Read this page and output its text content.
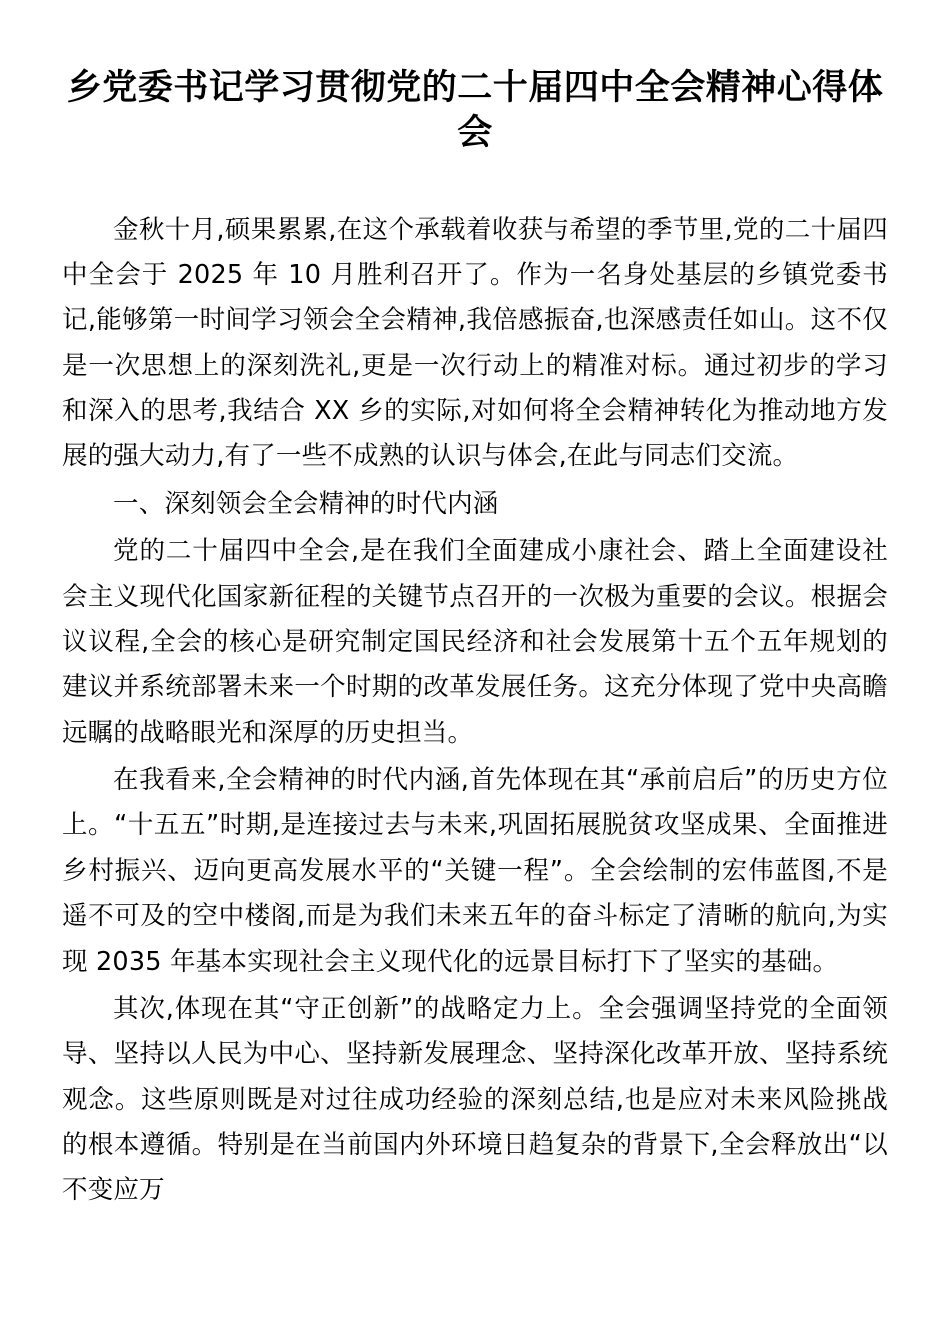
乡党委书记学习贯彻党的二十届四中全会精神心得体会

金秋十月,硕果累累,在这个承载着收获与希望的季节里,党的二十届四中全会于 2025 年 10 月胜利召开了。作为一名身处基层的乡镇党委书记,能够第一时间学习领会全会精神,我倍感振奋,也深感责任如山。这不仅是一次思想上的深刻洗礼,更是一次行动上的精准对标。通过初步的学习和深入的思考,我结合 XX 乡的实际,对如何将全会精神转化为推动地方发展的强大动力,有了一些不成熟的认识与体会,在此与同志们交流。

一、深刻领会全会精神的时代内涵

党的二十届四中全会,是在我们全面建成小康社会、踏上全面建设社会主义现代化国家新征程的关键节点召开的一次极为重要的会议。根据会议议程,全会的核心是研究制定国民经济和社会发展第十五个五年规划的建议并系统部署未来一个时期的改革发展任务。这充分体现了党中央高瞻远瞩的战略眼光和深厚的历史担当。

在我看来,全会精神的时代内涵,首先体现在其“承前启后”的历史方位上。“十五五”时期,是连接过去与未来,巩固拓展脱贫攻坚成果、全面推进乡村振兴、迈向更高发展水平的“关键一程”。全会绘制的宏伟蓝图,不是遥不可及的空中楼阁,而是为我们未来五年的奋斗标定了清晰的航向,为实现 2035 年基本实现社会主义现代化的远景目标打下了坚实的基础。

其次,体现在其“守正创新”的战略定力上。全会强调坚持党的全面领导、坚持以人民为中心、坚持新发展理念、坚持深化改革开放、坚持系统观念。这些原则既是对过往成功经验的深刻总结,也是应对未来风险挑战的根本遵循。特别是在当前国内外环境日趋复杂的背景下,全会释放出“以不变应万
